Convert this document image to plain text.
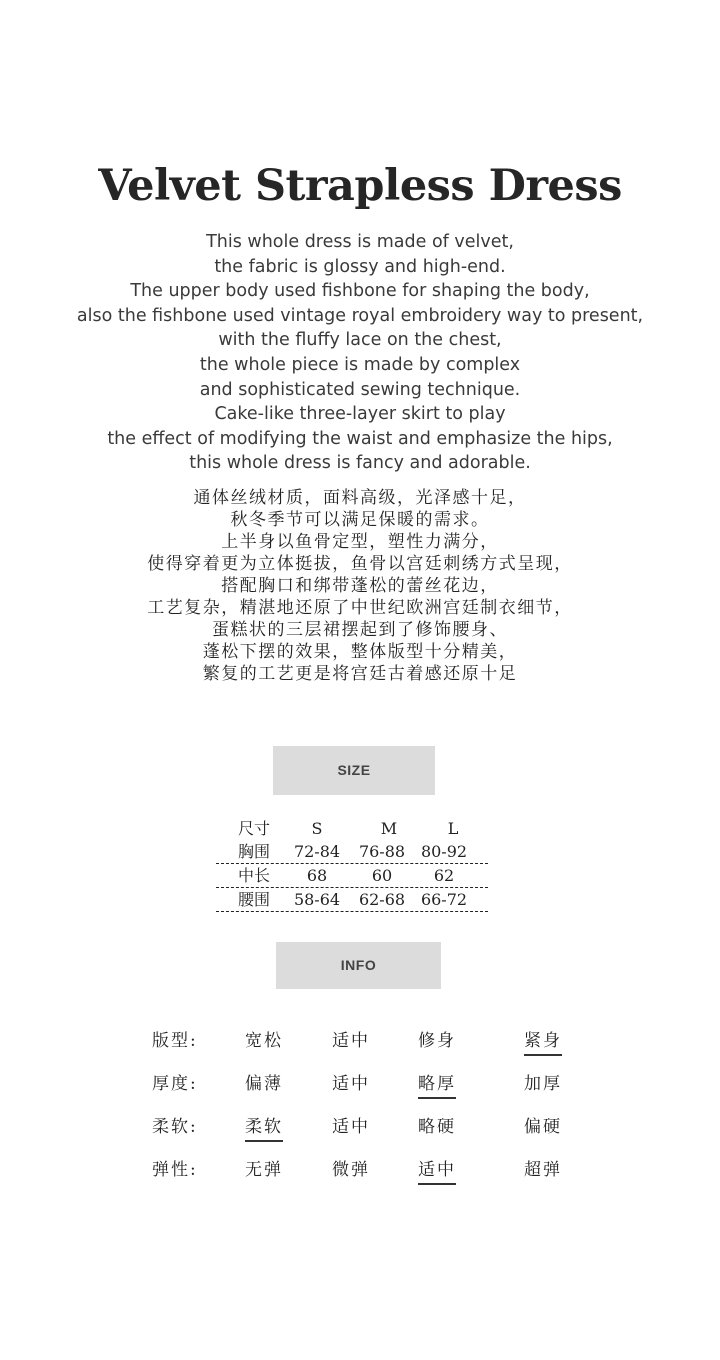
Velvet Strapless Dress
This whole dress is made of velvet,
the fabric is glossy and high-end.
The upper body used fishbone for shaping the body,
also the fishbone used vintage royal embroidery way to present,
with the fluffy lace on the chest,
the whole piece is made by complex
and sophisticated sewing technique.
Cake-like three-layer skirt to play
the effect of modifying the waist and emphasize the hips,
this whole dress is fancy and adorable.
通体丝绒材质，面料高级，光泽感十足，
秋冬季节可以满足保暖的需求。
上半身以鱼骨定型，塑性力满分，
使得穿着更为立体挺拔，鱼骨以宫廷刺绣方式呈现，
搭配胸口和绑带蓬松的蕾丝花边，
工艺复杂，精湛地还原了中世纪欧洲宫廷制衣细节，
蛋糕状的三层裙摆起到了修饰腰身、
蓬松下摆的效果，整体版型十分精美，
繁复的工艺更是将宫廷古着感还原十足
SIZE
尺寸	S	M	L
胸围	72-84	76-88 80-92
中长	68	60	62
腰围	58-64	62-68 66-72
INFO
版型:	宽松	适中	修身	紧身
厚度:	偏薄	适中	略厚	加厚
柔软:	柔软	适中	略硬	偏硬
弹性:	无弹	微弹	适中	超弹
